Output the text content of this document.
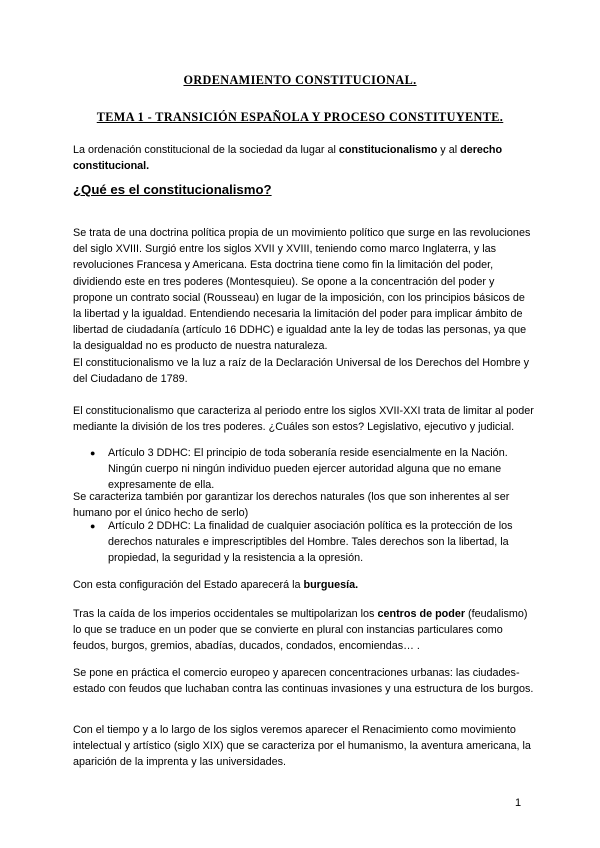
ORDENAMIENTO CONSTITUCIONAL.
TEMA 1 - TRANSICIÓN ESPAÑOLA Y PROCESO CONSTITUYENTE.

La ordenación constitucional de la sociedad da lugar al constitucionalismo y al derecho constitucional.

¿Qué es el constitucionalismo?

Se trata de una doctrina política propia de un movimiento político que surge en las revoluciones del siglo XVIII. Surgió entre los siglos XVII y XVIII, teniendo como marco Inglaterra, y las revoluciones Francesa y Americana. Esta doctrina tiene como fin la limitación del poder, dividiendo este en tres poderes (Montesquieu). Se opone a la concentración del poder y propone un contrato social (Rousseau) en lugar de la imposición, con los principios básicos de la libertad y la igualdad. Entendiendo necesaria la limitación del poder para implicar ámbito de libertad de ciudadanía (artículo 16 DDHC) e igualdad ante la ley de todas las personas, ya que la desigualdad no es producto de nuestra naturaleza.

El constitucionalismo ve la luz a raíz de la Declaración Universal de los Derechos del Hombre y del Ciudadano de 1789.

El constitucionalismo que caracteriza al periodo entre los siglos XVII-XXI trata de limitar al poder mediante la división de los tres poderes. ¿Cuáles son estos? Legislativo, ejecutivo y judicial.

● Artículo 3 DDHC: El principio de toda soberanía reside esencialmente en la Nación. Ningún cuerpo ni ningún individuo pueden ejercer autoridad alguna que no emane expresamente de ella.

Se caracteriza también por garantizar los derechos naturales (los que son inherentes al ser humano por el único hecho de serlo)

● Artículo 2 DDHC: La finalidad de cualquier asociación política es la protección de los derechos naturales e imprescriptibles del Hombre. Tales derechos son la libertad, la propiedad, la seguridad y la resistencia a la opresión.

Con esta configuración del Estado aparecerá la burguesía.

Tras la caída de los imperios occidentales se multipolarizan los centros de poder (feudalismo) lo que se traduce en un poder que se convierte en plural con instancias particulares como feudos, burgos, gremios, abadías, ducados, condados, encomiendas… .

Se pone en práctica el comercio europeo y aparecen concentraciones urbanas: las ciudades-estado con feudos que luchaban contra las continuas invasiones y una estructura de los burgos.

Con el tiempo y a lo largo de los siglos veremos aparecer el Renacimiento como movimiento intelectual y artístico (siglo XIX) que se caracteriza por el humanismo, la aventura americana, la aparición de la imprenta y las universidades.

1
